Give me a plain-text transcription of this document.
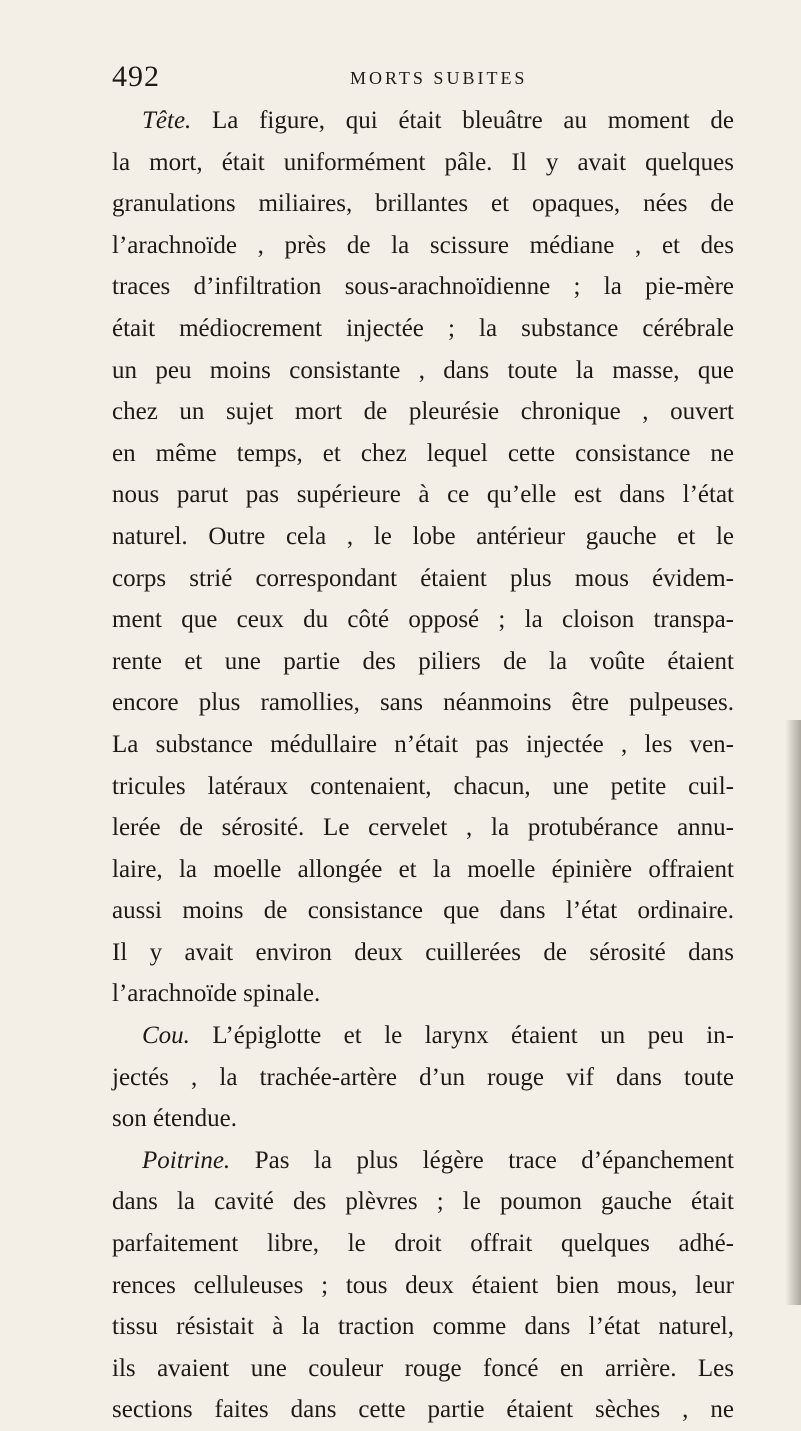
492	MORTS SUBITES
Tête. La figure, qui était bleuâtre au moment de
la mort, était uniformément pâle. Il y avait quelques
granulations miliaires, brillantes et opaques, nées de
l’arachnoïde , près de la scissure médiane , et des
traces d’infiltration sous-arachnoïdienne ; la pie-mère
était médiocrement injectée ; la substance cérébrale
un peu moins consistante , dans toute la masse, que
chez un sujet mort de pleurésie chronique , ouvert
en même temps, et chez lequel cette consistance ne
nous parut pas supérieure à ce qu’elle est dans l’état
naturel. Outre cela , le lobe antérieur gauche et le
corps strié correspondant étaient plus mous évidem-
ment que ceux du côté opposé ; la cloison transpa-
rente et une partie des piliers de la voûte étaient
encore plus ramollies, sans néanmoins être pulpeuses.
La substance médullaire n’était pas injectée , les ven-
tricules latéraux contenaient, chacun, une petite cuil-
lerée de sérosité. Le cervelet , la protubérance annu-
laire, la moelle allongée et la moelle épinière offraient
aussi moins de consistance que dans l’état ordinaire.
Il y avait environ deux cuillerées de sérosité dans
l’arachnoïde spinale.
Cou. L’épiglotte et le larynx étaient un peu in-
jectés , la trachée-artère d’un rouge vif dans toute
son étendue.
Poitrine. Pas la plus légère trace d’épanchement
dans la cavité des plèvres ; le poumon gauche était
parfaitement libre, le droit offrait quelques adhé-
rences celluleuses ; tous deux étaient bien mous, leur
tissu résistait à la traction comme dans l’état naturel,
ils avaient une couleur rouge foncé en arrière. Les
sections faites dans cette partie étaient sèches , ne
